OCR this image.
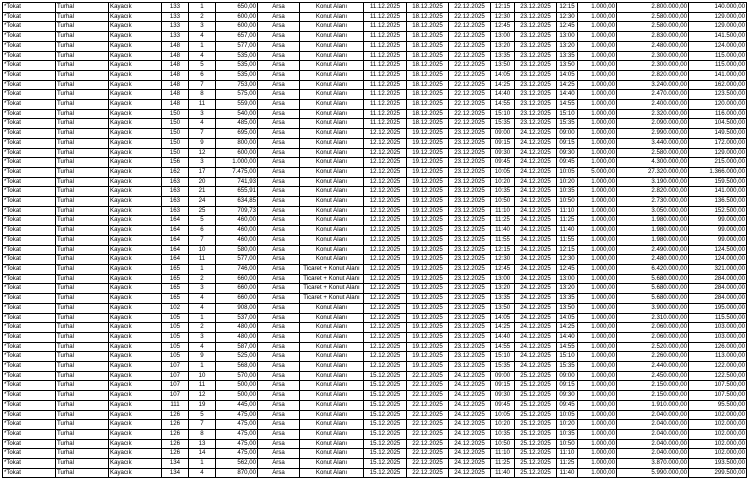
*Tokat	Turhal	Kayacık	133	1	650,00	Arsa	Konut Alanı	11.12.2025	18.12.2025	22.12.2025	12:15	23.12.2025	12:15	1.000,00	2.800.000,00	140.000,00
*Tokat	Turhal	Kayacık	133	2	600,00	Arsa	Konut Alanı	11.12.2025	18.12.2025	22.12.2025	12:30	23.12.2025	12:30	1.000,00	2.580.000,00	129.000,00
*Tokat	Turhal	Kayacık	133	3	600,00	Arsa	Konut Alanı	11.12.2025	18.12.2025	22.12.2025	12:45	23.12.2025	12:45	1.000,00	2.580.000,00	129.000,00
*Tokat	Turhal	Kayacık	133	4	657,00	Arsa	Konut Alanı	11.12.2025	18.12.2025	22.12.2025	13:00	23.12.2025	13:00	1.000,00	2.830.000,00	141.500,00
*Tokat	Turhal	Kayacık	148	1	577,00	Arsa	Konut Alanı	11.12.2025	18.12.2025	22.12.2025	13:20	23.12.2025	13:20	1.000,00	2.480.000,00	124.000,00
*Tokat	Turhal	Kayacık	148	4	535,00	Arsa	Konut Alanı	11.12.2025	18.12.2025	22.12.2025	13:35	23.12.2025	13:35	1.000,00	2.300.000,00	115.000,00
*Tokat	Turhal	Kayacık	148	5	535,00	Arsa	Konut Alanı	11.12.2025	18.12.2025	22.12.2025	13:50	23.12.2025	13:50	1.000,00	2.300.000,00	115.000,00
*Tokat	Turhal	Kayacık	148	6	535,00	Arsa	Konut Alanı	11.12.2025	18.12.2025	22.12.2025	14:05	23.12.2025	14:05	1.000,00	2.820.000,00	141.000,00
*Tokat	Turhal	Kayacık	148	7	753,00	Arsa	Konut Alanı	11.12.2025	18.12.2025	22.12.2025	14:25	23.12.2025	14:25	1.000,00	3.240.000,00	162.000,00
*Tokat	Turhal	Kayacık	148	8	575,00	Arsa	Konut Alanı	11.12.2025	18.12.2025	22.12.2025	14:40	23.12.2025	14:40	1.000,00	2.470.000,00	123.500,00
*Tokat	Turhal	Kayacık	148	11	559,00	Arsa	Konut Alanı	11.12.2025	18.12.2025	22.12.2025	14:55	23.12.2025	14:55	1.000,00	2.400.000,00	120.000,00
*Tokat	Turhal	Kayacık	150	3	540,00	Arsa	Konut Alanı	11.12.2025	18.12.2025	22.12.2025	15:10	23.12.2025	15:10	1.000,00	2.320.000,00	116.000,00
*Tokat	Turhal	Kayacık	150	4	485,00	Arsa	Konut Alanı	11.12.2025	18.12.2025	22.12.2025	15:35	23.12.2025	15:35	1.000,00	2.090.000,00	104.500,00
*Tokat	Turhal	Kayacık	150	7	695,00	Arsa	Konut Alanı	12.12.2025	19.12.2025	23.12.2025	09:00	24.12.2025	09:00	1.000,00	2.990.000,00	149.500,00
*Tokat	Turhal	Kayacık	150	9	800,00	Arsa	Konut Alanı	12.12.2025	19.12.2025	23.12.2025	09:15	24.12.2025	09:15	1.000,00	3.440.000,00	172.000,00
*Tokat	Turhal	Kayacık	150	12	600,00	Arsa	Konut Alanı	12.12.2025	19.12.2025	23.12.2025	09:30	24.12.2025	09:30	1.000,00	2.580.000,00	129.000,00
*Tokat	Turhal	Kayacık	156	3	1.000,00	Arsa	Konut Alanı	12.12.2025	19.12.2025	23.12.2025	09:45	24.12.2025	09:45	1.000,00	4.300.000,00	215.000,00
*Tokat	Turhal	Kayacık	162	17	7.475,00	Arsa	Konut Alanı	12.12.2025	19.12.2025	23.12.2025	10:05	24.12.2025	10:05	5.000,00	27.320.000,00	1.366.000,00
*Tokat	Turhal	Kayacık	163	20	741,93	Arsa	Konut Alanı	12.12.2025	19.12.2025	23.12.2025	10:20	24.12.2025	10:20	1.000,00	3.190.000,00	159.500,00
*Tokat	Turhal	Kayacık	163	21	655,91	Arsa	Konut Alanı	12.12.2025	19.12.2025	23.12.2025	10:35	24.12.2025	10:35	1.000,00	2.820.000,00	141.000,00
*Tokat	Turhal	Kayacık	163	24	634,85	Arsa	Konut Alanı	12.12.2025	19.12.2025	23.12.2025	10:50	24.12.2025	10:50	1.000,00	2.730.000,00	136.500,00
*Tokat	Turhal	Kayacık	163	25	709,73	Arsa	Konut Alanı	12.12.2025	19.12.2025	23.12.2025	11:10	24.12.2025	11:10	1.000,00	3.050.000,00	152.500,00
*Tokat	Turhal	Kayacık	164	5	460,00	Arsa	Konut Alanı	12.12.2025	19.12.2025	23.12.2025	11:25	24.12.2025	11:25	1.000,00	1.980.000,00	99.000,00
*Tokat	Turhal	Kayacık	164	6	460,00	Arsa	Konut Alanı	12.12.2025	19.12.2025	23.12.2025	11:40	24.12.2025	11:40	1.000,00	1.980.000,00	99.000,00
*Tokat	Turhal	Kayacık	164	7	460,00	Arsa	Konut Alanı	12.12.2025	19.12.2025	23.12.2025	11:55	24.12.2025	11:55	1.000,00	1.980.000,00	99.000,00
*Tokat	Turhal	Kayacık	164	10	580,00	Arsa	Konut Alanı	12.12.2025	19.12.2025	23.12.2025	12:15	24.12.2025	12:15	1.000,00	2.490.000,00	124.500,00
*Tokat	Turhal	Kayacık	164	11	577,00	Arsa	Konut Alanı	12.12.2025	19.12.2025	23.12.2025	12:30	24.12.2025	12:30	1.000,00	2.480.000,00	124.000,00
*Tokat	Turhal	Kayacık	165	1	746,00	Arsa	Ticaret + Konut Alanı	12.12.2025	19.12.2025	23.12.2025	12:45	24.12.2025	12:45	1.000,00	6.420.000,00	321.000,00
*Tokat	Turhal	Kayacık	165	2	660,00	Arsa	Ticaret + Konut Alanı	12.12.2025	19.12.2025	23.12.2025	13:00	24.12.2025	13:00	1.000,00	5.680.000,00	284.000,00
*Tokat	Turhal	Kayacık	165	3	660,00	Arsa	Ticaret + Konut Alanı	12.12.2025	19.12.2025	23.12.2025	13:20	24.12.2025	13:20	1.000,00	5.680.000,00	284.000,00
*Tokat	Turhal	Kayacık	165	4	660,00	Arsa	Ticaret + Konut Alanı	12.12.2025	19.12.2025	23.12.2025	13:35	24.12.2025	13:35	1.000,00	5.680.000,00	284.000,00
*Tokat	Turhal	Kayacık	102	4	908,00	Arsa	Konut Alanı	12.12.2025	19.12.2025	23.12.2025	13:50	24.12.2025	13:50	1.000,00	3.900.000,00	195.000,00
*Tokat	Turhal	Kayacık	105	1	537,00	Arsa	Konut Alanı	12.12.2025	19.12.2025	23.12.2025	14:05	24.12.2025	14:05	1.000,00	2.310.000,00	115.500,00
*Tokat	Turhal	Kayacık	105	2	480,00	Arsa	Konut Alanı	12.12.2025	19.12.2025	23.12.2025	14:25	24.12.2025	14:25	1.000,00	2.060.000,00	103.000,00
*Tokat	Turhal	Kayacık	105	3	480,00	Arsa	Konut Alanı	12.12.2025	19.12.2025	23.12.2025	14:40	24.12.2025	14:40	1.000,00	2.060.000,00	103.000,00
*Tokat	Turhal	Kayacık	105	4	587,00	Arsa	Konut Alanı	12.12.2025	19.12.2025	23.12.2025	14:55	24.12.2025	14:55	1.000,00	2.520.000,00	126.000,00
*Tokat	Turhal	Kayacık	105	9	525,00	Arsa	Konut Alanı	12.12.2025	19.12.2025	23.12.2025	15:10	24.12.2025	15:10	1.000,00	2.260.000,00	113.000,00
*Tokat	Turhal	Kayacık	107	1	568,00	Arsa	Konut Alanı	12.12.2025	19.12.2025	23.12.2025	15:35	24.12.2025	15:35	1.000,00	2.440.000,00	122.000,00
*Tokat	Turhal	Kayacık	107	10	570,00	Arsa	Konut Alanı	15.12.2025	22.12.2025	24.12.2025	09:00	25.12.2025	09:00	1.000,00	2.450.000,00	122.500,00
*Tokat	Turhal	Kayacık	107	11	500,00	Arsa	Konut Alanı	15.12.2025	22.12.2025	24.12.2025	09:15	25.12.2025	09:15	1.000,00	2.150.000,00	107.500,00
*Tokat	Turhal	Kayacık	107	12	500,00	Arsa	Konut Alanı	15.12.2025	22.12.2025	24.12.2025	09:30	25.12.2025	09:30	1.000,00	2.150.000,00	107.500,00
*Tokat	Turhal	Kayacık	111	19	445,00	Arsa	Konut Alanı	15.12.2025	22.12.2025	24.12.2025	09:45	25.12.2025	09:45	1.000,00	1.910.000,00	95.500,00
*Tokat	Turhal	Kayacık	126	5	475,00	Arsa	Konut Alanı	15.12.2025	22.12.2025	24.12.2025	10:05	25.12.2025	10:05	1.000,00	2.040.000,00	102.000,00
*Tokat	Turhal	Kayacık	126	7	475,00	Arsa	Konut Alanı	15.12.2025	22.12.2025	24.12.2025	10:20	25.12.2025	10:20	1.000,00	2.040.000,00	102.000,00
*Tokat	Turhal	Kayacık	126	8	475,00	Arsa	Konut Alanı	15.12.2025	22.12.2025	24.12.2025	10:35	25.12.2025	10:35	1.000,00	2.040.000,00	102.000,00
*Tokat	Turhal	Kayacık	126	13	475,00	Arsa	Konut Alanı	15.12.2025	22.12.2025	24.12.2025	10:50	25.12.2025	10:50	1.000,00	2.040.000,00	102.000,00
*Tokat	Turhal	Kayacık	126	14	475,00	Arsa	Konut Alanı	15.12.2025	22.12.2025	24.12.2025	11:10	25.12.2025	11:10	1.000,00	2.040.000,00	102.000,00
*Tokat	Turhal	Kayacık	134	1	562,00	Arsa	Konut Alanı	15.12.2025	22.12.2025	24.12.2025	11:25	25.12.2025	11:25	1.000,00	3.870.000,00	193.500,00
*Tokat	Turhal	Kayacık	134	4	870,00	Arsa	Konut Alanı	15.12.2025	22.12.2025	24.12.2025	11:40	25.12.2025	11:40	1.000,00	5.990.000,00	299.500,00
